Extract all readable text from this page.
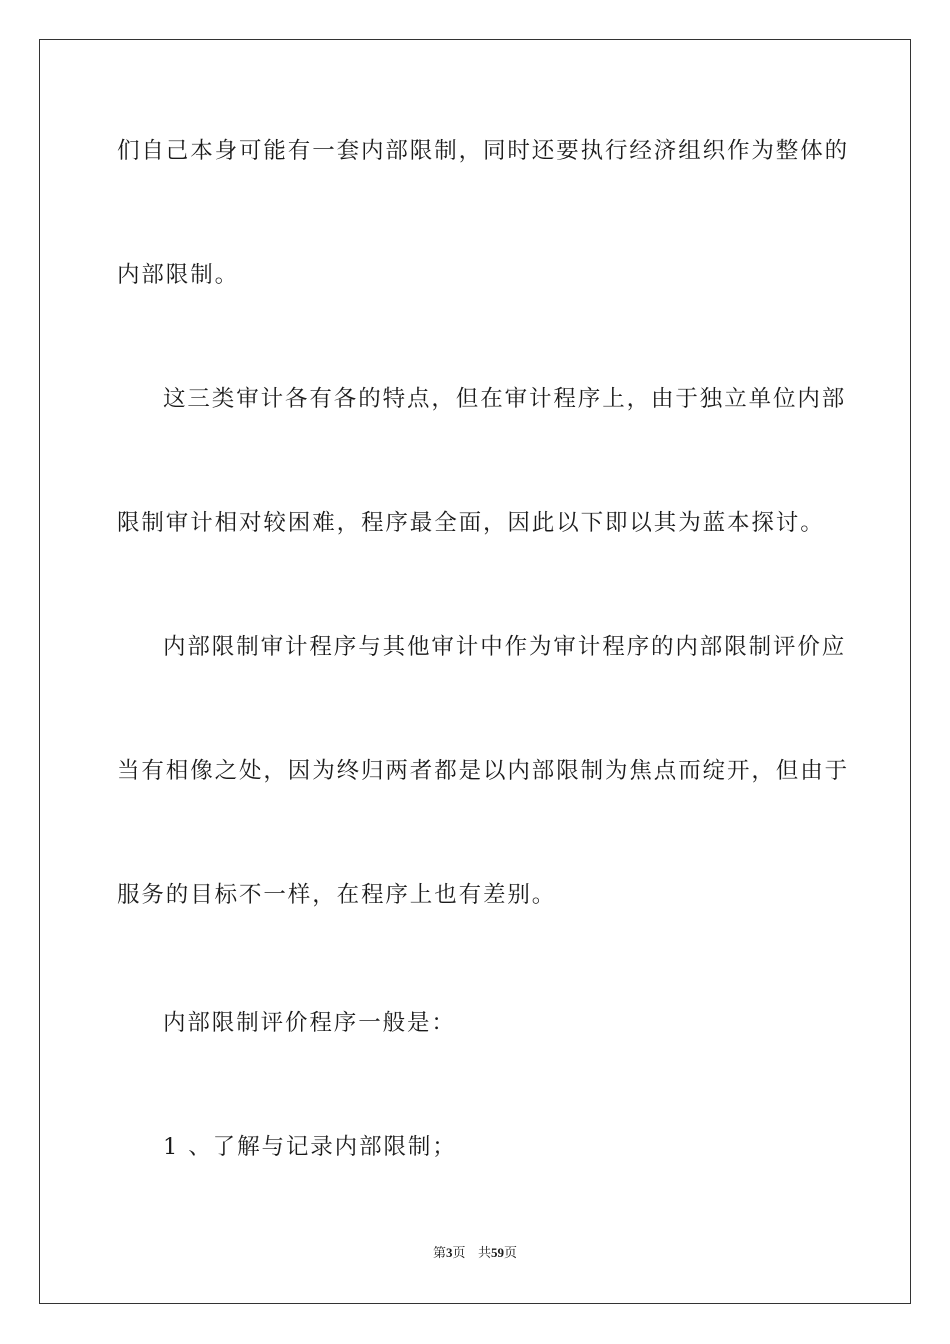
们自己本身可能有一套内部限制，同时还要执行经济组织作为整体的
内部限制。
这三类审计各有各的特点，但在审计程序上，由于独立单位内部
限制审计相对较困难，程序最全面，因此以下即以其为蓝本探讨。
内部限制审计程序与其他审计中作为审计程序的内部限制评价应
当有相像之处，因为终归两者都是以内部限制为焦点而绽开，但由于
服务的目标不一样，在程序上也有差别。
内部限制评价程序一般是：
1 、了解与记录内部限制；
第3页 共59页
